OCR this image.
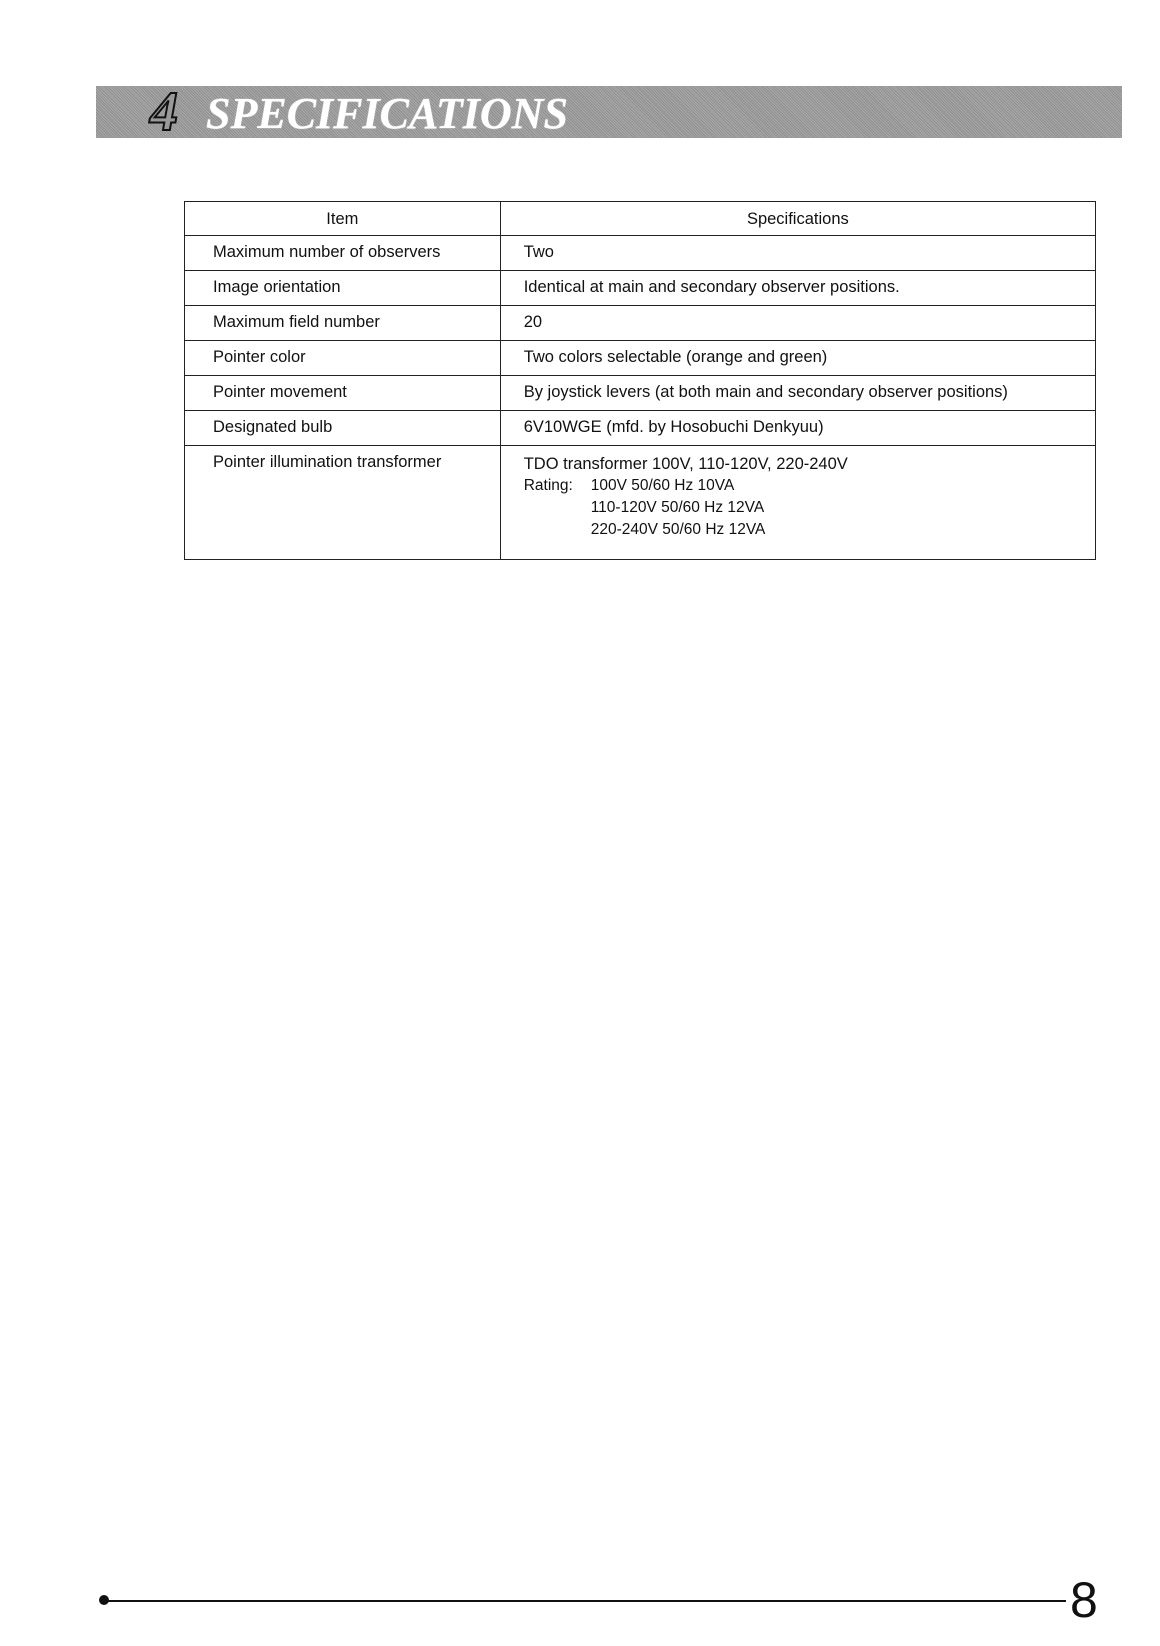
4 SPECIFICATIONS
Item	Specifications
Maximum number of observers	Two
Image orientation	Identical at main and secondary observer positions.
Maximum field number	20
Pointer color	Two colors selectable (orange and green)
Pointer movement	By joystick levers (at both main and secondary observer positions)
Designated bulb	6V10WGE (mfd. by Hosobuchi Denkyuu)
Pointer illumination transformer	TDO transformer 100V, 110-120V, 220-240V
Rating: 100V 50/60 Hz 10VA
110-120V 50/60 Hz 12VA
220-240V 50/60 Hz 12VA
8
